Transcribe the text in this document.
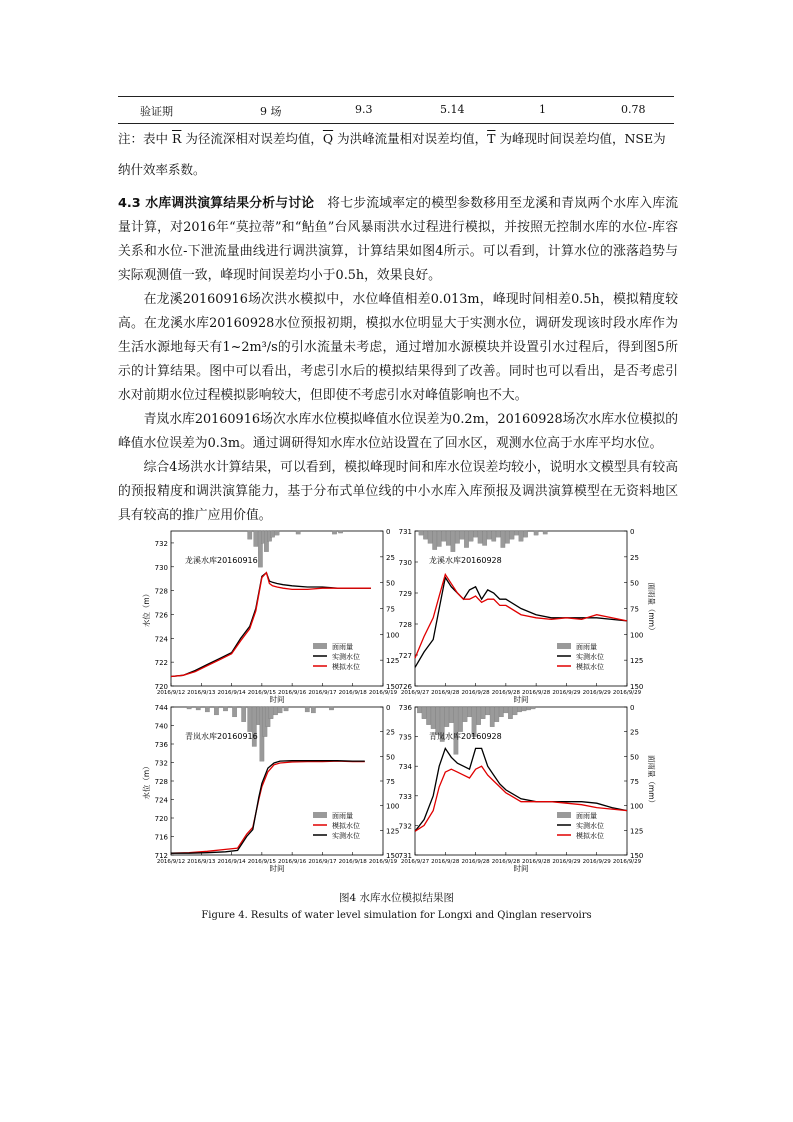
验证期	9 场	9.3	5.14	1	0.78
注：表中 $\overline{R}$ 为径流深相对误差均值，$\overline{Q}$ 为洪峰流量相对误差均值，$\overline{T}$ 为峰现时间误差均值，NSE为
纳什效率系数。

4.3 水库调洪演算结果分析与讨论　将七步流域率定的模型参数移用至龙溪和青岚两个水库入库流量计算，对2016年“莫拉蒂”和“鲇鱼”台风暴雨洪水过程进行模拟，并按照无控制水库的水位-库容关系和水位-下泄流量曲线进行调洪演算，计算结果如图4所示。可以看到，计算水位的涨落趋势与实际观测值一致，峰现时间误差均小于0.5h，效果良好。

在龙溪20160916场次洪水模拟中，水位峰值相差0.013m，峰现时间相差0.5h，模拟精度较高。在龙溪水库20160928水位预报初期，模拟水位明显大于实测水位，调研发现该时段水库作为生活水源地每天有1~2m³/s的引水流量未考虑，通过增加水源模块并设置引水过程后，得到图5所示的计算结果。图中可以看出，考虑引水后的模拟结果得到了改善。同时也可以看出，是否考虑引水对前期水位过程模拟影响较大，但即使不考虑引水对峰值影响也不大。

青岚水库20160916场次水库水位模拟峰值水位误差为0.2m，20160928场次水库水位模拟的峰值水位误差为0.3m。通过调研得知水库水位站设置在了回水区，观测水位高于水库平均水位。

综合4场洪水计算结果，可以看到，模拟峰现时间和库水位误差均较小，说明水文模型具有较高的预报精度和调洪演算能力，基于分布式单位线的中小水库入库预报及调洪演算模型在无资料地区具有较高的推广应用价值。

720
722
724
726
728
730
732
0
25
50
75
100
125
150
2016/9/12 2016/9/13 2016/9/14 2016/9/15 2016/9/16 2016/9/17 2016/9/18 2016/9/19
时间
水位（m）
龙溪水库20160916
面雨量
实测水位
模拟水位
726
727
728
729
730
731	0
25
50
75
100
125
150
2016/9/27 2016/9/28 2016/9/28 2016/9/28 2016/9/28 2016/9/29 2016/9/29 2016/9/29
时间
面雨量（mm）
龙溪水库20160928
面雨量
实测水位
模拟水位
712
716
720
724
728
732
736
740
744	0
25
50
75
100
125
150
2016/9/12 2016/9/13 2016/9/14 2016/9/15 2016/9/16 2016/9/17 2016/9/18 2016/9/19
时间
水位（m）
青岚水库20160916
面雨量
模拟水位
实测水位
731
732
733
734
735
736	0
25
50
75
100
125
150
2016/9/27 2016/9/28 2016/9/28 2016/9/28 2016/9/28 2016/9/29 2016/9/29 2016/9/29
时间
面雨量（mm）
青岚水库20160928
面雨量
实测水位
模拟水位
图4 水库水位模拟结果图
Figure 4. Results of water level simulation for Longxi and Qinglan reservoirs
